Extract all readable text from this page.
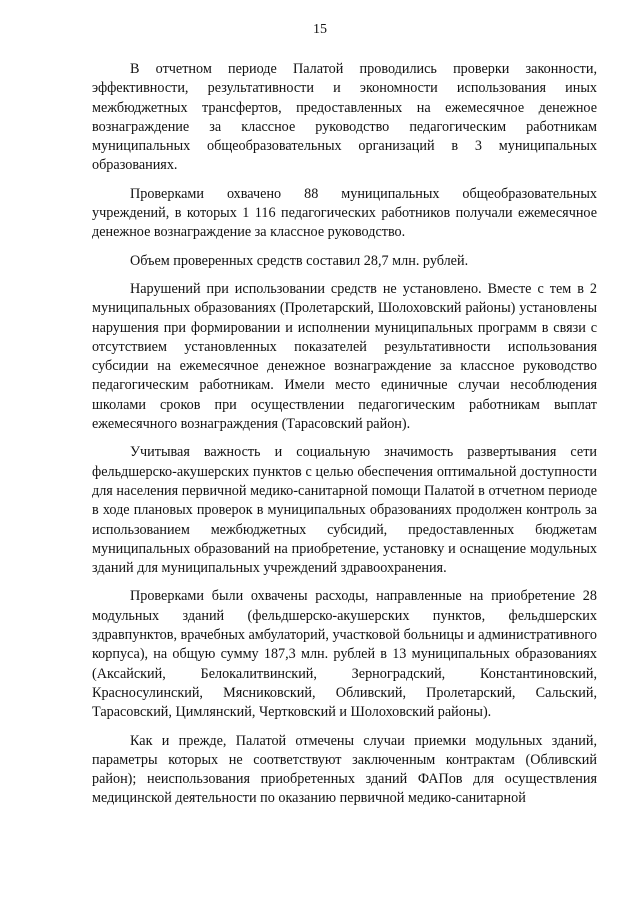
15

В отчетном периоде Палатой проводились проверки законности, эффективности, результативности и экономности использования иных межбюджетных трансфертов, предоставленных на ежемесячное денежное вознаграждение за классное руководство педагогическим работникам муниципальных общеобразовательных организаций в 3 муниципальных образованиях.

Проверками охвачено 88 муниципальных общеобразовательных учреждений, в которых 1 116 педагогических работников получали ежемесячное денежное вознаграждение за классное руководство.

Объем проверенных средств составил 28,7 млн. рублей.

Нарушений при использовании средств не установлено. Вместе с тем в 2 муниципальных образованиях (Пролетарский, Шолоховский районы) установлены нарушения при формировании и исполнении муниципальных программ в связи с отсутствием установленных показателей результативности использования субсидии на ежемесячное денежное вознаграждение за классное руководство педагогическим работникам. Имели место единичные случаи несоблюдения школами сроков при осуществлении педагогическим работникам выплат ежемесячного вознаграждения (Тарасовский район).

Учитывая важность и социальную значимость развертывания сети фельдшерско-акушерских пунктов с целью обеспечения оптимальной доступности для населения первичной медико-санитарной помощи Палатой в отчетном периоде в ходе плановых проверок в муниципальных образованиях продолжен контроль за использованием межбюджетных субсидий, предоставленных бюджетам муниципальных образований на приобретение, установку и оснащение модульных зданий для муниципальных учреждений здравоохранения.

Проверками были охвачены расходы, направленные на приобретение 28 модульных зданий (фельдшерско-акушерских пунктов, фельдшерских здравпунктов, врачебных амбулаторий, участковой больницы и административного корпуса), на общую сумму 187,3 млн. рублей в 13 муниципальных образованиях (Аксайский, Белокалитвинский, Зерноградский, Константиновский, Красносулинский, Мясниковский, Обливский, Пролетарский, Сальский, Тарасовский, Цимлянский, Чертковский и Шолоховский районы).

Как и прежде, Палатой отмечены случаи приемки модульных зданий, параметры которых не соответствуют заключенным контрактам (Обливский район); неиспользования приобретенных зданий ФАПов для осуществления медицинской деятельности по оказанию первичной медико-санитарной
